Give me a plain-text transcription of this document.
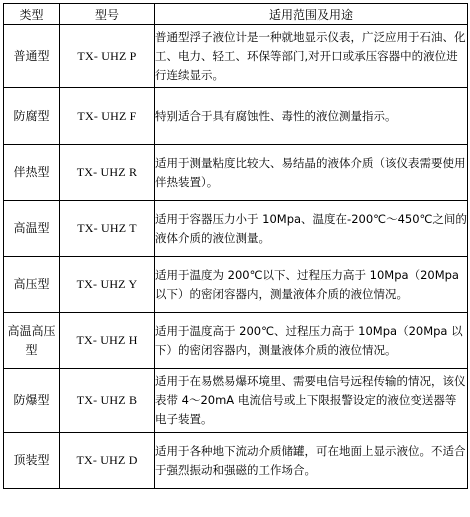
类型	型号	适用范围及用途
普通型	TX- UHZ P	普通型浮子液位计是一种就地显示仪表，广泛应用于石油、化工、电力、轻工、环保等部门,对开口或承压容器中的液位进行连续显示。
防腐型	TX- UHZ F	特别适合于具有腐蚀性、毒性的液位测量指示。
伴热型	TX- UHZ R	适用于测量粘度比较大、易结晶的液体介质（该仪表需要使用伴热装置）。
高温型	TX- UHZ T	适用于容器压力小于 10Mpa、温度在-200℃～450℃之间的液体介质的液位测量。
高压型	TX- UHZ Y	适用于温度为 200℃以下、过程压力高于 10Mpa（20Mpa以下）的密闭容器内，测量液体介质的液位情况。
高温高压型	TX- UHZ H	适用于温度高于 200℃、过程压力高于 10Mpa（20Mpa 以下）的密闭容器内，测量液体介质的液位情况。
防爆型	TX- UHZ B	适用于在易燃易爆环境里、需要电信号远程传输的情况，该仪表带 4～20mA 电流信号或上下限报警设定的液位变送器等电子装置。
顶装型	TX- UHZ D	适用于各种地下流动介质储罐，可在地面上显示液位。不适合于强烈振动和强磁的工作场合。
